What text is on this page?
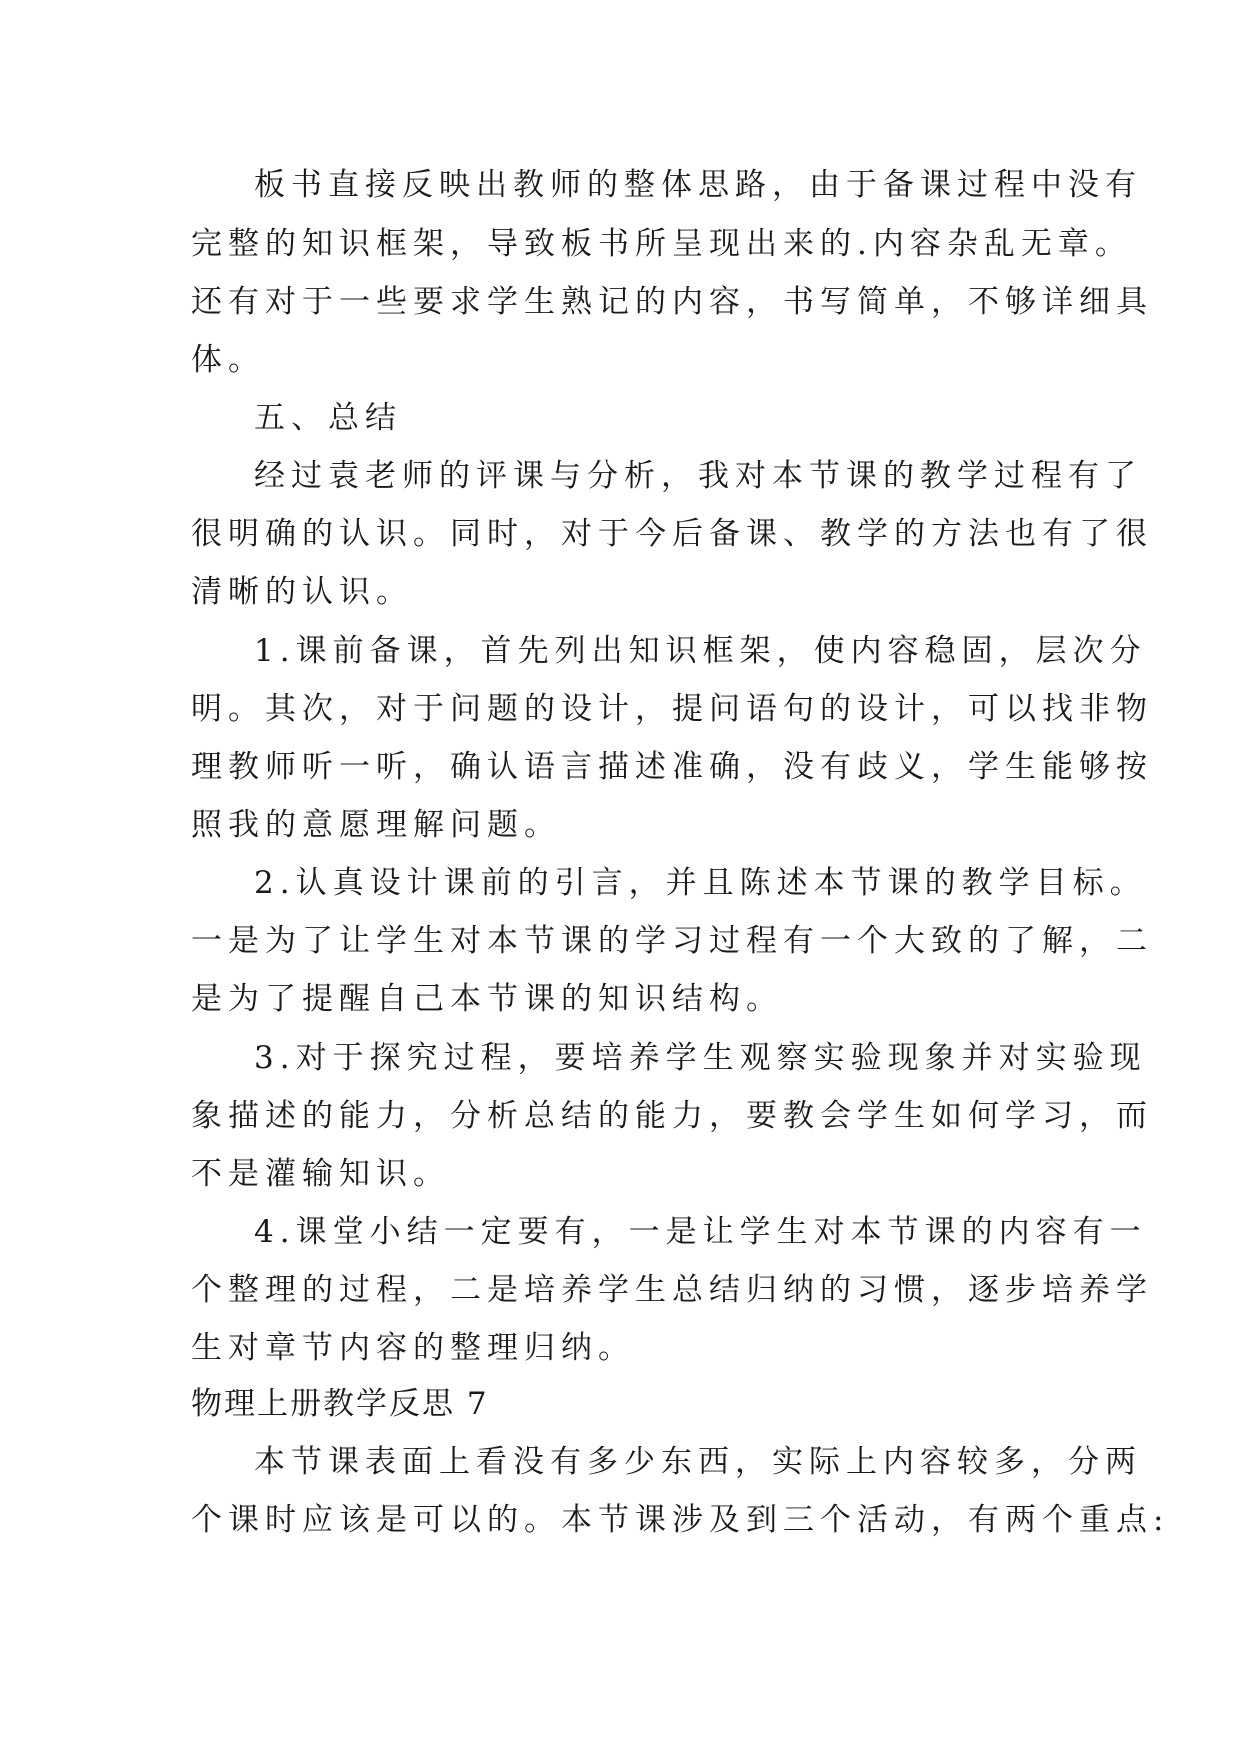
板书直接反映出教师的整体思路，由于备课过程中没有
完整的知识框架，导致板书所呈现出来的.内容杂乱无章。
还有对于一些要求学生熟记的内容，书写简单，不够详细具
体。
五、总结
经过袁老师的评课与分析，我对本节课的教学过程有了
很明确的认识。同时，对于今后备课、教学的方法也有了很
清晰的认识。
1.课前备课，首先列出知识框架，使内容稳固，层次分
明。其次，对于问题的设计，提问语句的设计，可以找非物
理教师听一听，确认语言描述准确，没有歧义，学生能够按
照我的意愿理解问题。
2.认真设计课前的引言，并且陈述本节课的教学目标。
一是为了让学生对本节课的学习过程有一个大致的了解，二
是为了提醒自己本节课的知识结构。
3.对于探究过程，要培养学生观察实验现象并对实验现
象描述的能力，分析总结的能力，要教会学生如何学习，而
不是灌输知识。
4.课堂小结一定要有，一是让学生对本节课的内容有一
个整理的过程，二是培养学生总结归纳的习惯，逐步培养学
生对章节内容的整理归纳。
物理上册教学反思 7
本节课表面上看没有多少东西，实际上内容较多，分两
个课时应该是可以的。本节课涉及到三个活动，有两个重点:
